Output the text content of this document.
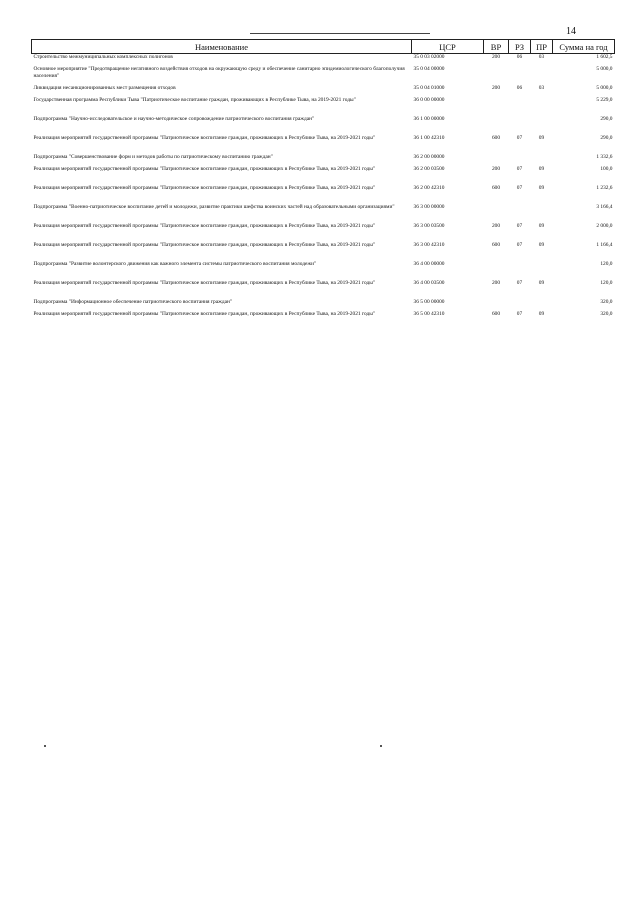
14
Наименование	ЦСР	ВР	РЗ	ПР	Сумма на год
Строительство межмуниципальных комплексных полигонов	35 0 03 02000	200	06	03	1 602,5
Основное мероприятие "Предотвращение негативного воздействия отходов на окружающую среду и обеспечение санитарно эпидемиологического благополучия населения"	35 0 04 00000				5 000,0
Ликвидация несанкционированных мест размещения отходов	35 0 04 01000	200	06	03	5 000,0
Государственная программа Республики Тыва "Патриотическое воспитание граждан, проживающих в Республике Тыва, на 2019-2021 годы"	36 0 00 00000				5 229,0
Подпрограмма "Научно-исследовательское и научно-методическое сопровождение патриотического воспитания граждан"	36 1 00 00000				290,0
Реализация мероприятий государственной программы "Патриотическое воспитание граждан, проживающих в Республике Тыва, на 2019-2021 годы"	36 1 00 42310	600	07	09	290,0
Подпрограмма "Совершенствование форм и методов работы по патриотическому воспитанию граждан"	36 2 00 00000				1 332,6
Реализация мероприятий государственной программы "Патриотическое воспитание граждан, проживающих в Республике Тыва, на 2019-2021 годы"	36 2 00 03500	200	07	09	100,0
Реализация мероприятий государственной программы "Патриотическое воспитание граждан, проживающих в Республике Тыва, на 2019-2021 годы"	36 2 00 42310	600	07	09	1 232,6
Подпрограмма "Военно-патриотическое воспитание детей и молодежи, развитие практики шефства воинских частей над образовательными организациями"	36 3 00 00000				3 166,4
Реализация мероприятий государственной программы "Патриотическое воспитание граждан, проживающих в Республике Тыва, на 2019-2021 годы"	36 3 00 03500	200	07	09	2 000,0
Реализация мероприятий государственной программы "Патриотическое воспитание граждан, проживающих в Республике Тыва, на 2019-2021 годы"	36 3 00 42310	600	07	09	1 166,4
Подпрограмма "Развитие волонтерского движения как важного элемента системы патриотического воспитания молодежи"	36 4 00 00000				120,0
Реализация мероприятий государственной программы "Патриотическое воспитание граждан, проживающих в Республике Тыва, на 2019-2021 годы"	36 4 00 03500	200	07	09	120,0
Подпрограмма "Информационное обеспечение патриотического воспитания граждан"	36 5 00 00000				320,0
Реализация мероприятий государственной программы "Патриотическое воспитание граждан, проживающих в Республике Тыва, на 2019-2021 годы"	36 5 00 42310	600	07	09	320,0
